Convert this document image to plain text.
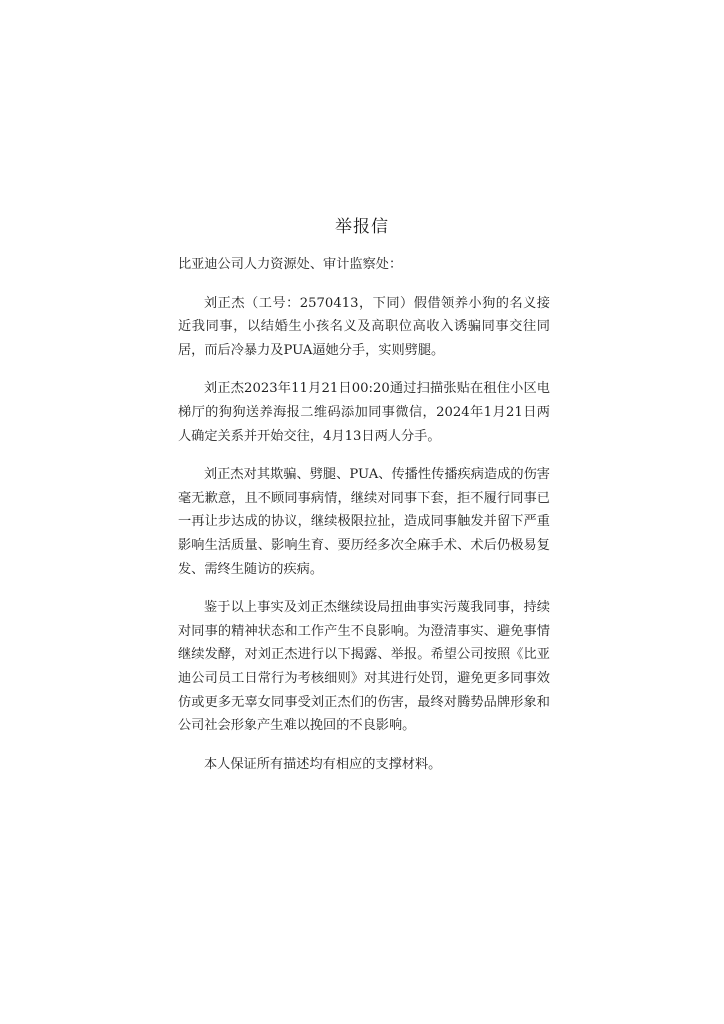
举报信

比亚迪公司人力资源处、审计监察处：

刘正杰（工号：2570413，下同）假借领养小狗的名义接近我同事，以结婚生小孩名义及高职位高收入诱骗同事交往同居，而后冷暴力及PUA逼她分手，实则劈腿。

刘正杰2023年11月21日00:20通过扫描张贴在租住小区电梯厅的狗狗送养海报二维码添加同事微信，2024年1月21日两人确定关系并开始交往，4月13日两人分手。

刘正杰对其欺骗、劈腿、PUA、传播性传播疾病造成的伤害毫无歉意，且不顾同事病情，继续对同事下套，拒不履行同事已一再让步达成的协议，继续极限拉扯，造成同事触发并留下严重影响生活质量、影响生育、要历经多次全麻手术、术后仍极易复发、需终生随访的疾病。

鉴于以上事实及刘正杰继续设局扭曲事实污蔑我同事，持续对同事的精神状态和工作产生不良影响。为澄清事实、避免事情继续发酵，对刘正杰进行以下揭露、举报。希望公司按照《比亚迪公司员工日常行为考核细则》对其进行处罚，避免更多同事效仿或更多无辜女同事受刘正杰们的伤害，最终对腾势品牌形象和公司社会形象产生难以挽回的不良影响。

本人保证所有描述均有相应的支撑材料。
